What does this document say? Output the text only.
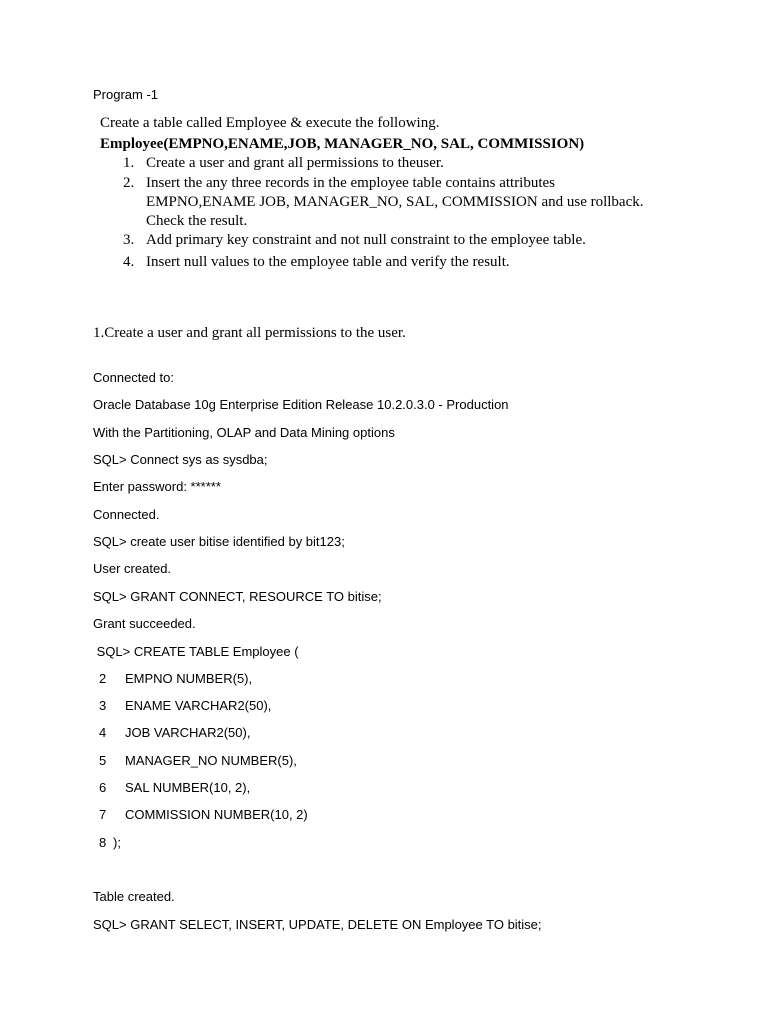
Program -1
Create a table called Employee & execute the following.
Employee(EMPNO,ENAME,JOB, MANAGER_NO, SAL, COMMISSION)
1. Create a user and grant all permissions to theuser.
2. Insert the any three records in the employee table contains attributes
EMPNO,ENAME JOB, MANAGER_NO, SAL, COMMISSION and use rollback.
Check the result.
3. Add primary key constraint and not null constraint to the employee table.
4. Insert null values to the employee table and verify the result.
1.Create a user and grant all permissions to the user.
Connected to:
Oracle Database 10g Enterprise Edition Release 10.2.0.3.0 - Production
With the Partitioning, OLAP and Data Mining options
SQL> Connect sys as sysdba;
Enter password: ******
Connected.
SQL> create user bitise identified by bit123;
User created.
SQL> GRANT CONNECT, RESOURCE TO bitise;
Grant succeeded.
SQL> CREATE TABLE Employee (
2 EMPNO NUMBER(5),
3 ENAME VARCHAR2(50),
4 JOB VARCHAR2(50),
5 MANAGER_NO NUMBER(5),
6 SAL NUMBER(10, 2),
7 COMMISSION NUMBER(10, 2)
8 );
Table created.
SQL> GRANT SELECT, INSERT, UPDATE, DELETE ON Employee TO bitise;
